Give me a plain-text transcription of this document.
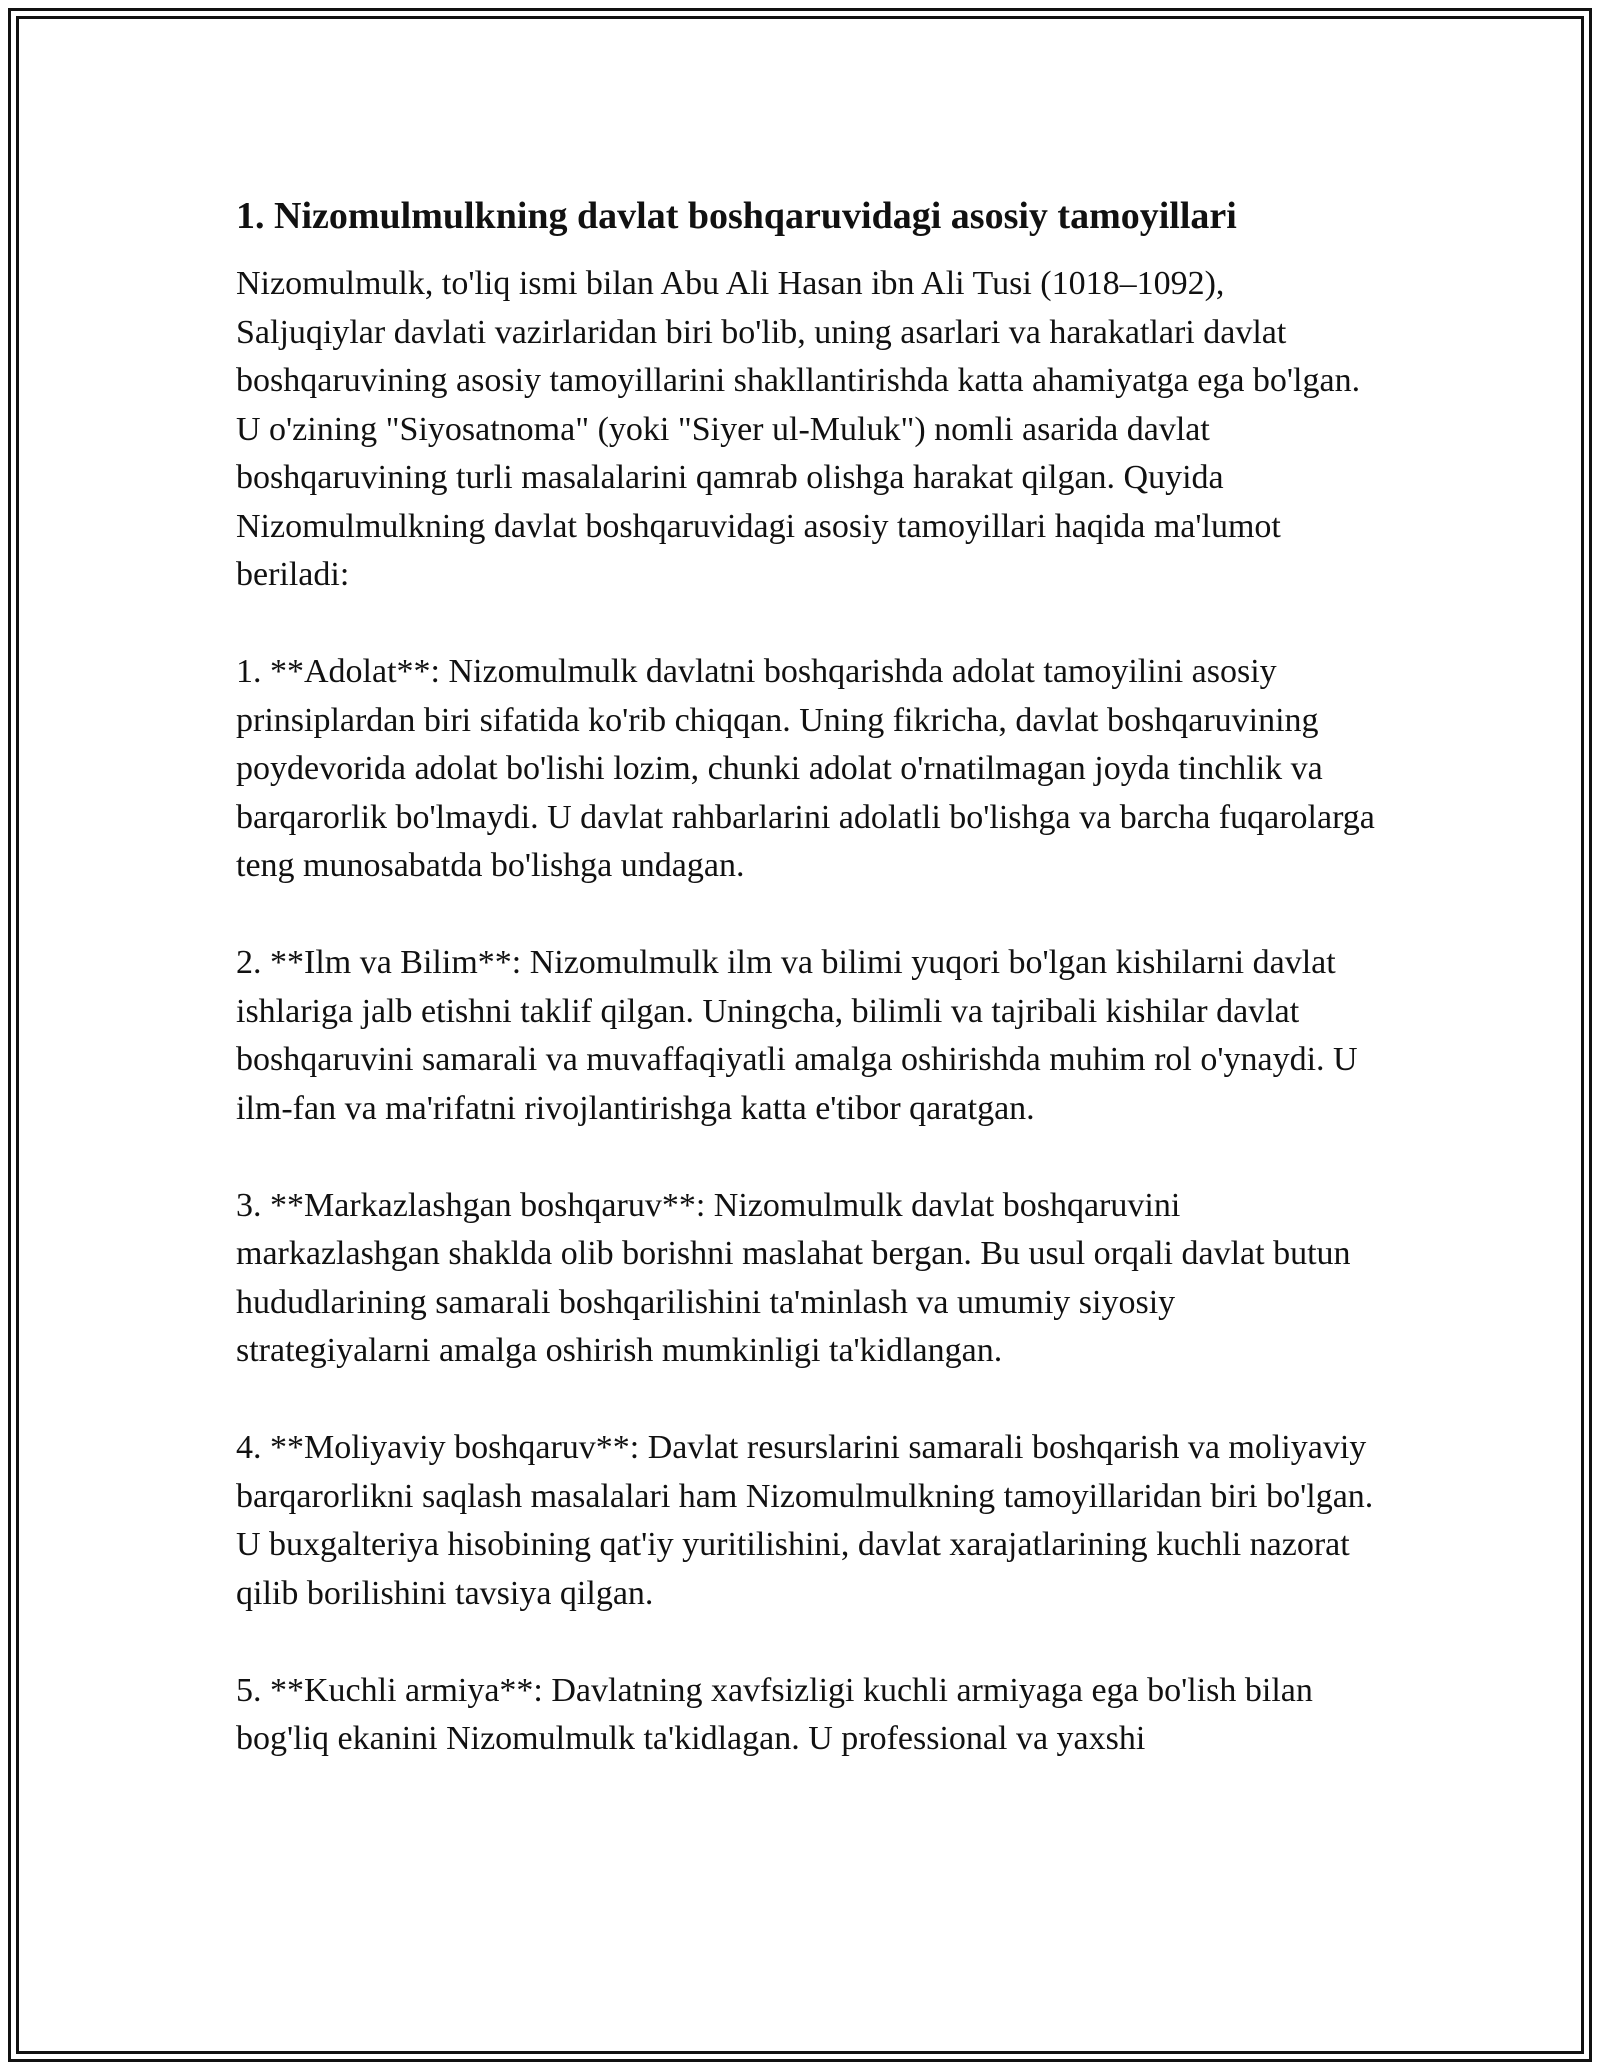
1. Nizomulmulkning davlat boshqaruvidagi asosiy tamoyillari

Nizomulmulk, to'liq ismi bilan Abu Ali Hasan ibn Ali Tusi (1018–1092), Saljuqiylar davlati vazirlaridan biri bo'lib, uning asarlari va harakatlari davlat boshqaruvining asosiy tamoyillarini shakllantirishda katta ahamiyatga ega bo'lgan. U o'zining "Siyosatnoma" (yoki "Siyer ul-Muluk") nomli asarida davlat boshqaruvining turli masalalarini qamrab olishga harakat qilgan. Quyida Nizomulmulkning davlat boshqaruvidagi asosiy tamoyillari haqida ma'lumot beriladi:

1. **Adolat**: Nizomulmulk davlatni boshqarishda adolat tamoyilini asosiy prinsiplardan biri sifatida ko'rib chiqqan. Uning fikricha, davlat boshqaruvining poydevorida adolat bo'lishi lozim, chunki adolat o'rnatilmagan joyda tinchlik va barqarorlik bo'lmaydi. U davlat rahbarlarini adolatli bo'lishga va barcha fuqarolarga teng munosabatda bo'lishga undagan.

2. **Ilm va Bilim**: Nizomulmulk ilm va bilimi yuqori bo'lgan kishilarni davlat ishlariga jalb etishni taklif qilgan. Uningcha, bilimli va tajribali kishilar davlat boshqaruvini samarali va muvaffaqiyatli amalga oshirishda muhim rol o'ynaydi. U ilm-fan va ma'rifatni rivojlantirishga katta e'tibor qaratgan.

3. **Markazlashgan boshqaruv**: Nizomulmulk davlat boshqaruvini markazlashgan shakldа olib borishni maslahat bergan. Bu usul orqali davlat butun hududlarining samarali boshqarilishini ta'minlash va umumiy siyosiy strategiyalarni amalga oshirish mumkinligi ta'kidlangan.

4. **Moliyaviy boshqaruv**: Davlat resurslarini samarali boshqarish va moliyaviy barqarorlikni saqlash masalalari ham Nizomulmulkning tamoyillaridan biri bo'lgan. U buxgalteriya hisobining qat'iy yuritilishini, davlat xarajatlarining kuchli nazorat qilib borilishini tavsiya qilgan.

5. **Kuchli armiya**: Davlatning xavfsizligi kuchli armiyaga ega bo'lish bilan bog'liq ekanini Nizomulmulk ta'kidlagan. U professional va yaxshi
